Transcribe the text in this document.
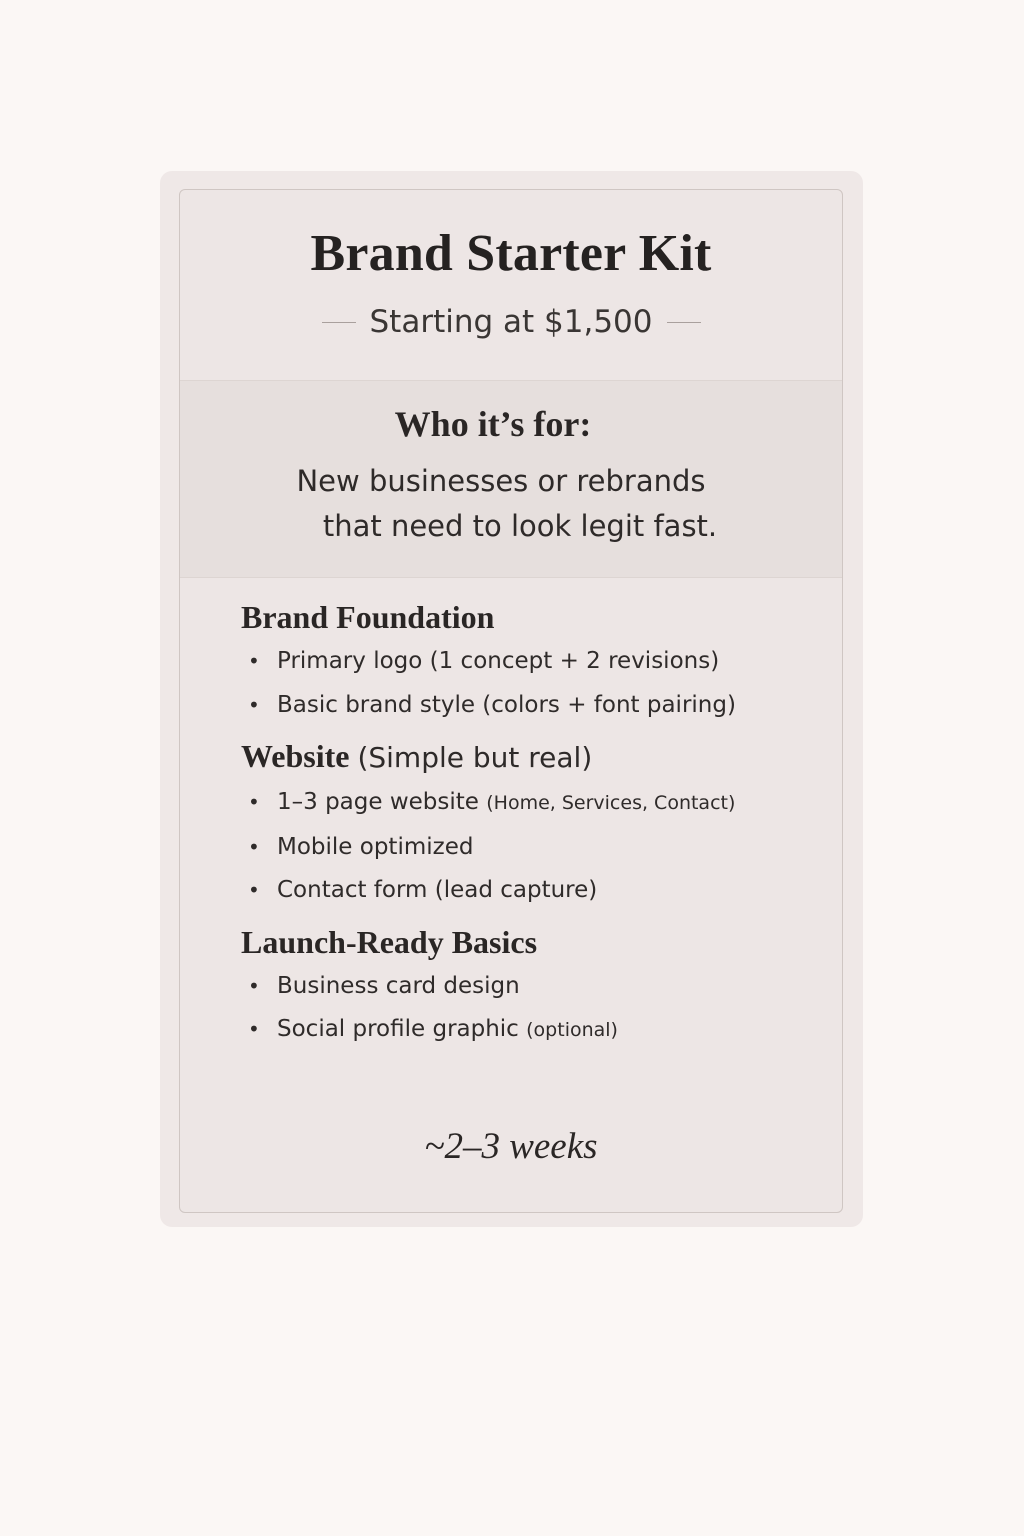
Brand Starter Kit
Starting at $1,500
Who it’s for:
New businesses or rebrands
that need to look legit fast.
Brand Foundation
• Primary logo (1 concept + 2 revisions)
• Basic brand style (colors + font pairing)
Website (Simple but real)
• 1–3 page website (Home, Services, Contact)
• Mobile optimized
• Contact form (lead capture)
Launch-Ready Basics
• Business card design
• Social profile graphic (optional)
~2–3 weeks
